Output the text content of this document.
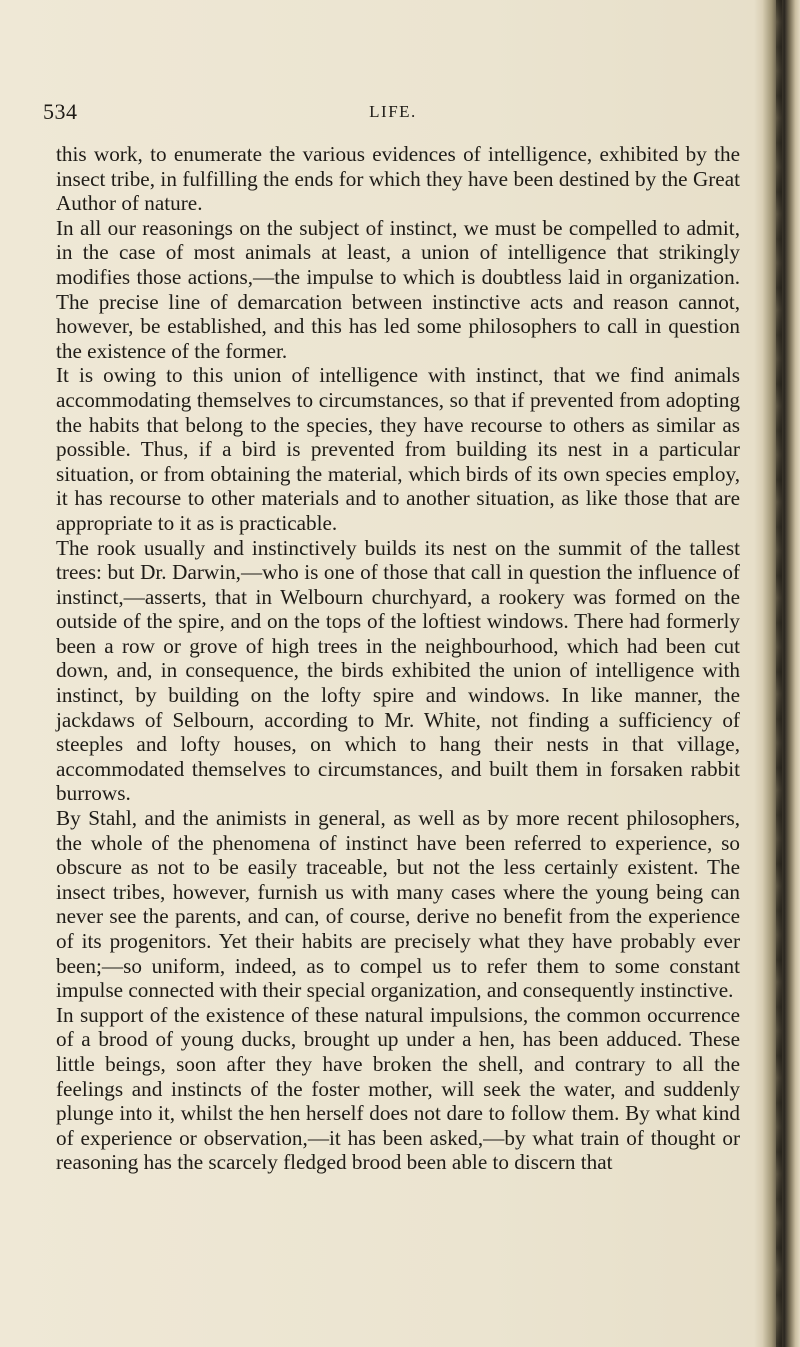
534	LIFE.

this work, to enumerate the various evidences of intelligence, exhibited by the insect tribe, in fulfilling the ends for which they have been destined by the Great Author of nature.

In all our reasonings on the subject of instinct, we must be compelled to admit, in the case of most animals at least, a union of intelligence that strikingly modifies those actions,—the impulse to which is doubtless laid in organization. The precise line of demarcation between instinctive acts and reason cannot, however, be established, and this has led some philosophers to call in question the existence of the former.

It is owing to this union of intelligence with instinct, that we find animals accommodating themselves to circumstances, so that if prevented from adopting the habits that belong to the species, they have recourse to others as similar as possible. Thus, if a bird is prevented from building its nest in a particular situation, or from obtaining the material, which birds of its own species employ, it has recourse to other materials and to another situation, as like those that are appropriate to it as is practicable.

The rook usually and instinctively builds its nest on the summit of the tallest trees: but Dr. Darwin,—who is one of those that call in question the influence of instinct,—asserts, that in Welbourn churchyard, a rookery was formed on the outside of the spire, and on the tops of the loftiest windows. There had formerly been a row or grove of high trees in the neighbourhood, which had been cut down, and, in consequence, the birds exhibited the union of intelligence with instinct, by building on the lofty spire and windows. In like manner, the jackdaws of Selbourn, according to Mr. White, not finding a sufficiency of steeples and lofty houses, on which to hang their nests in that village, accommodated themselves to circumstances, and built them in forsaken rabbit burrows.

By Stahl, and the animists in general, as well as by more recent philosophers, the whole of the phenomena of instinct have been referred to experience, so obscure as not to be easily traceable, but not the less certainly existent. The insect tribes, however, furnish us with many cases where the young being can never see the parents, and can, of course, derive no benefit from the experience of its progenitors. Yet their habits are precisely what they have probably ever been;—so uniform, indeed, as to compel us to refer them to some constant impulse connected with their special organization, and consequently instinctive.

In support of the existence of these natural impulsions, the common occurrence of a brood of young ducks, brought up under a hen, has been adduced. These little beings, soon after they have broken the shell, and contrary to all the feelings and instincts of the foster mother, will seek the water, and suddenly plunge into it, whilst the hen herself does not dare to follow them. By what kind of experience or observation,—it has been asked,—by what train of thought or reasoning has the scarcely fledged brood been able to discern that
